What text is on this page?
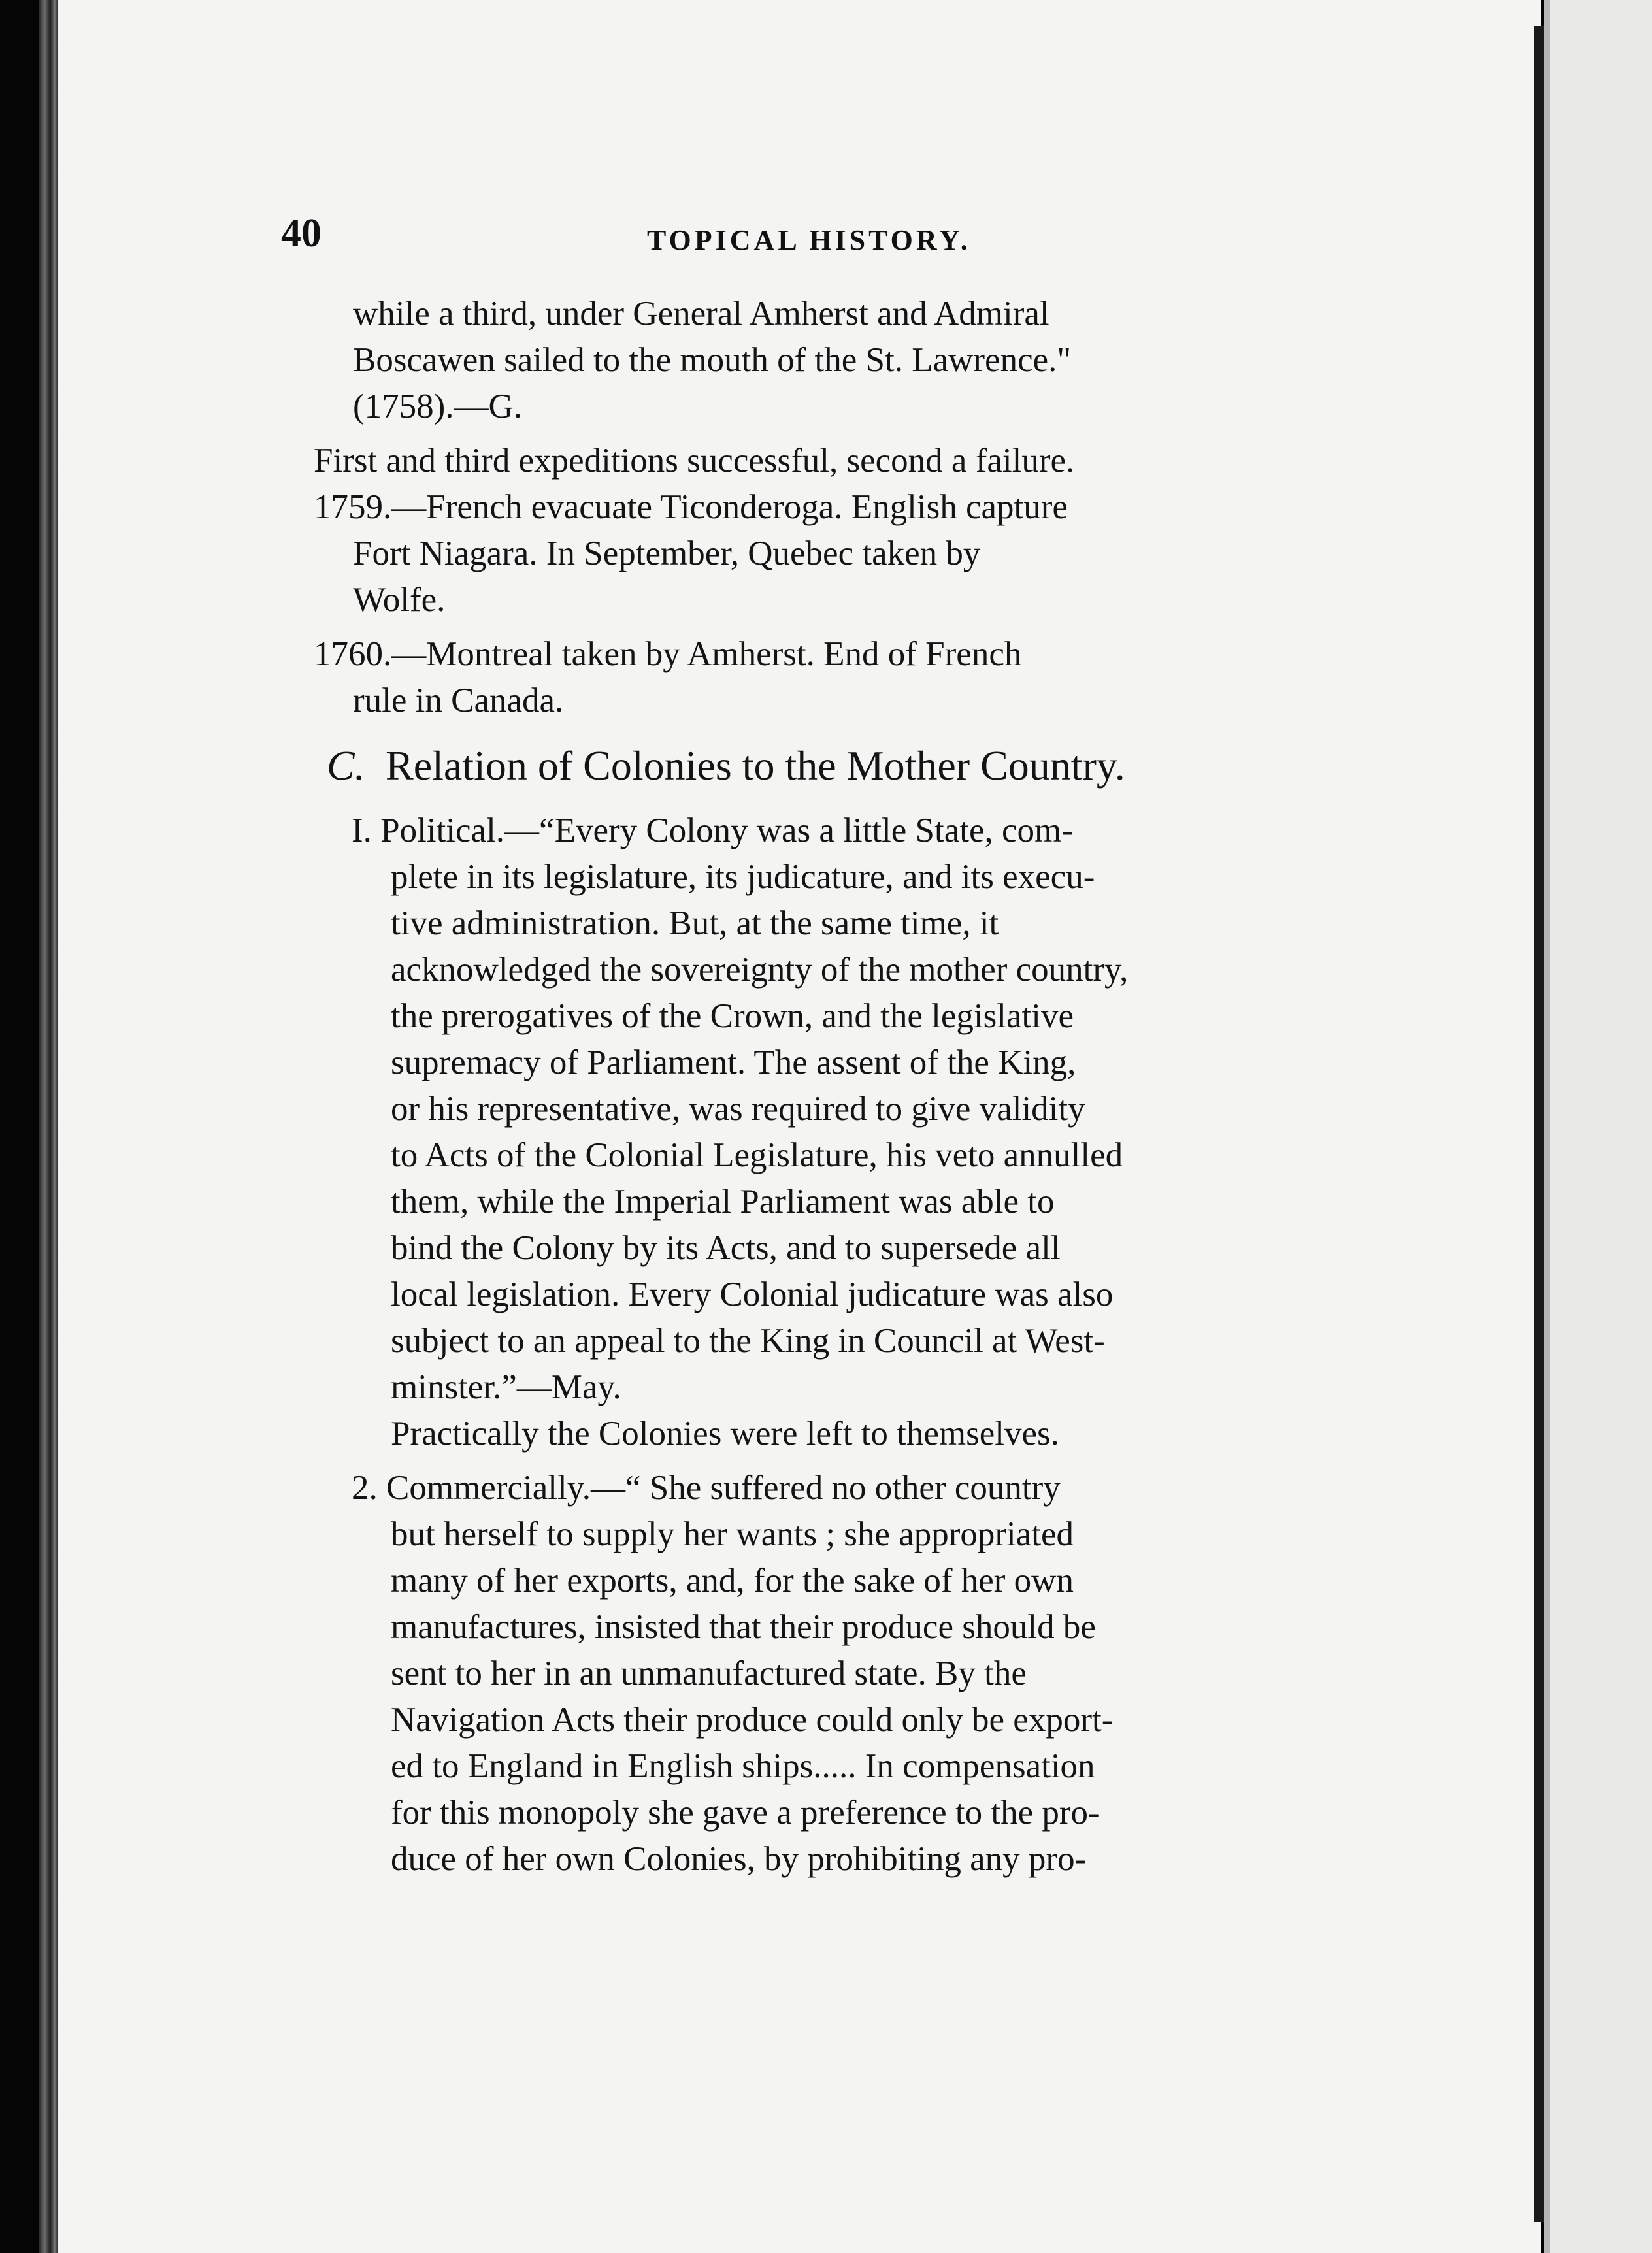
40	TOPICAL HISTORY.
while a third, under General Amherst and Admiral
Boscawen sailed to the mouth of the St. Lawrence."
(1758).—G.
First and third expeditions successful, second a failure.
1759.—French evacuate Ticonderoga. English capture
Fort Niagara. In September, Quebec taken by
Wolfe.
1760.—Montreal taken by Amherst. End of French
rule in Canada.
C. Relation of Colonies to the Mother Country.
I. Political.—“Every Colony was a little State, com-
plete in its legislature, its judicature, and its execu-
tive administration. But, at the same time, it
acknowledged the sovereignty of the mother country,
the prerogatives of the Crown, and the legislative
supremacy of Parliament. The assent of the King,
or his representative, was required to give validity
to Acts of the Colonial Legislature, his veto annulled
them, while the Imperial Parliament was able to
bind the Colony by its Acts, and to supersede all
local legislation. Every Colonial judicature was also
subject to an appeal to the King in Council at West-
minster.”—May.
Practically the Colonies were left to themselves.
2. Commercially.—“ She suffered no other country
but herself to supply her wants ; she appropriated
many of her exports, and, for the sake of her own
manufactures, insisted that their produce should be
sent to her in an unmanufactured state. By the
Navigation Acts their produce could only be export-
ed to England in English ships..... In compensation
for this monopoly she gave a preference to the pro-
duce of her own Colonies, by prohibiting any pro-
